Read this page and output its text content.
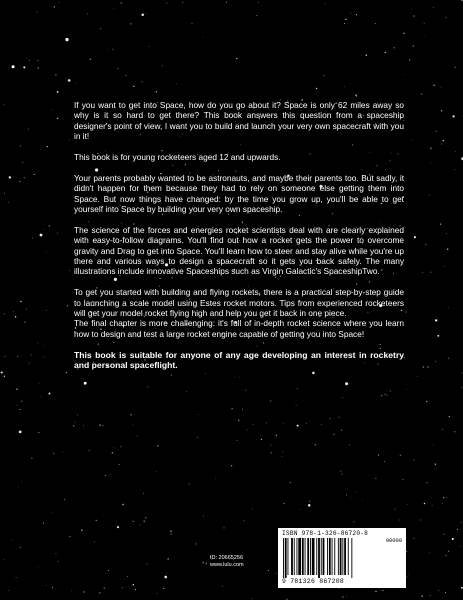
If you want to get into Space, how do you go about it? Space is only 62 miles away so why is it so hard to get there? This book answers this question from a spaceship designer's point of view, I want you to build and launch your very own spacecraft with you in it!

This book is for young rocketeers aged 12 and upwards.

Your parents probably wanted to be astronauts, and maybe their parents too. But sadly, it didn't happen for them because they had to rely on someone else getting them into Space. But now things have changed: by the time you grow up, you'll be able to get yourself into Space by building your very own spaceship.

The science of the forces and energies rocket scientists deal with are clearly explained with easy-to-follow diagrams. You'll find out how a rocket gets the power to overcome gravity and Drag to get into Space. You'll learn how to steer and stay alive while you're up there and various ways to design a spacecraft so it gets you back safely. The many illustrations include innovative Spaceships such as Virgin Galactic's SpaceshipTwo.

To get you started with building and flying rockets, there is a practical step-by-step guide to launching a scale model using Estes rocket motors. Tips from experienced rocketeers will get your model rocket flying high and help you get it back in one piece.

The final chapter is more challenging: it's full of in-depth rocket science where you learn how to design and test a large rocket engine capable of getting you into Space!

This book is suitable for anyone of any age developing an interest in rocketry and personal spaceflight.

ID: 20665256
www.lulu.com
ISBN 978-1-326-86720-8
90000
9 781326 867208
